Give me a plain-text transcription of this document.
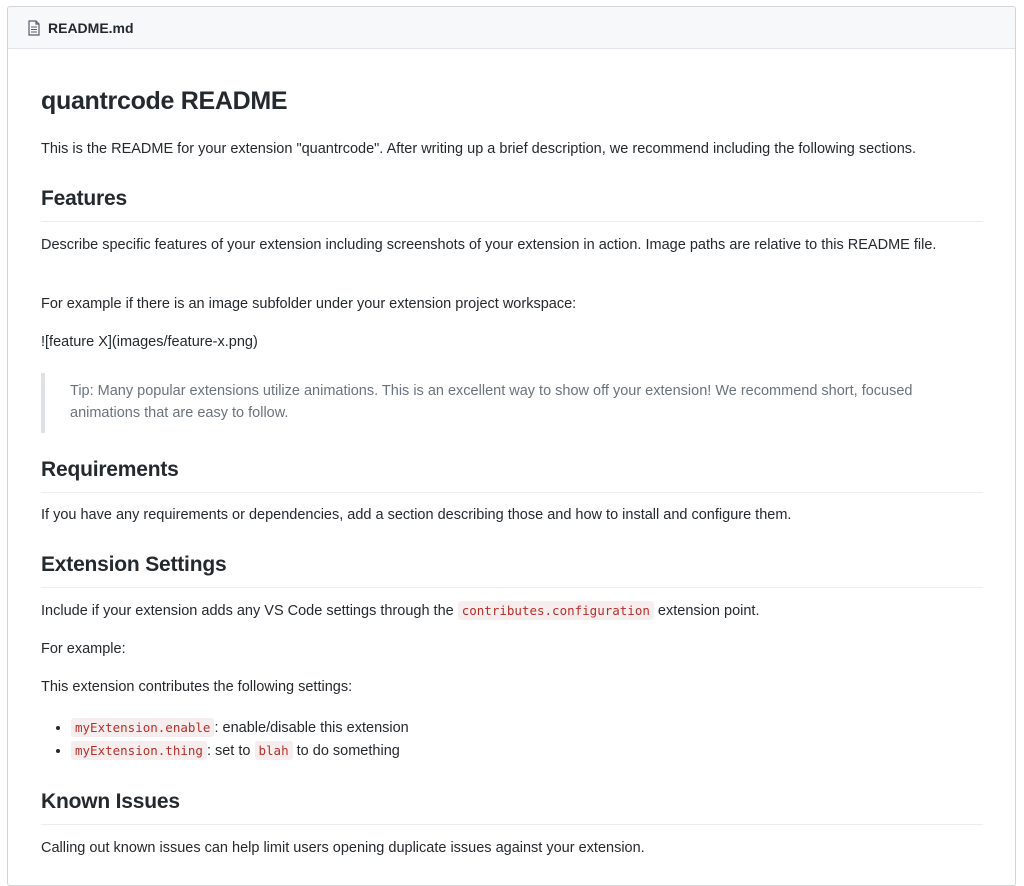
README.md
quantrcode README

This is the README for your extension "quantrcode". After writing up a brief description, we recommend including the following sections.

Features

Describe specific features of your extension including screenshots of your extension in action. Image paths are relative to this README file.

For example if there is an image subfolder under your extension project workspace:

![feature X](images/feature-x.png)

Tip: Many popular extensions utilize animations. This is an excellent way to show off your extension! We recommend short, focused animations that are easy to follow.

Requirements

If you have any requirements or dependencies, add a section describing those and how to install and configure them.

Extension Settings

Include if your extension adds any VS Code settings through the contributes.configuration extension point.

For example:

This extension contributes the following settings:

• myExtension.enable : enable/disable this extension
• myExtension.thing : set to blah to do something
Known Issues

Calling out known issues can help limit users opening duplicate issues against your extension.
